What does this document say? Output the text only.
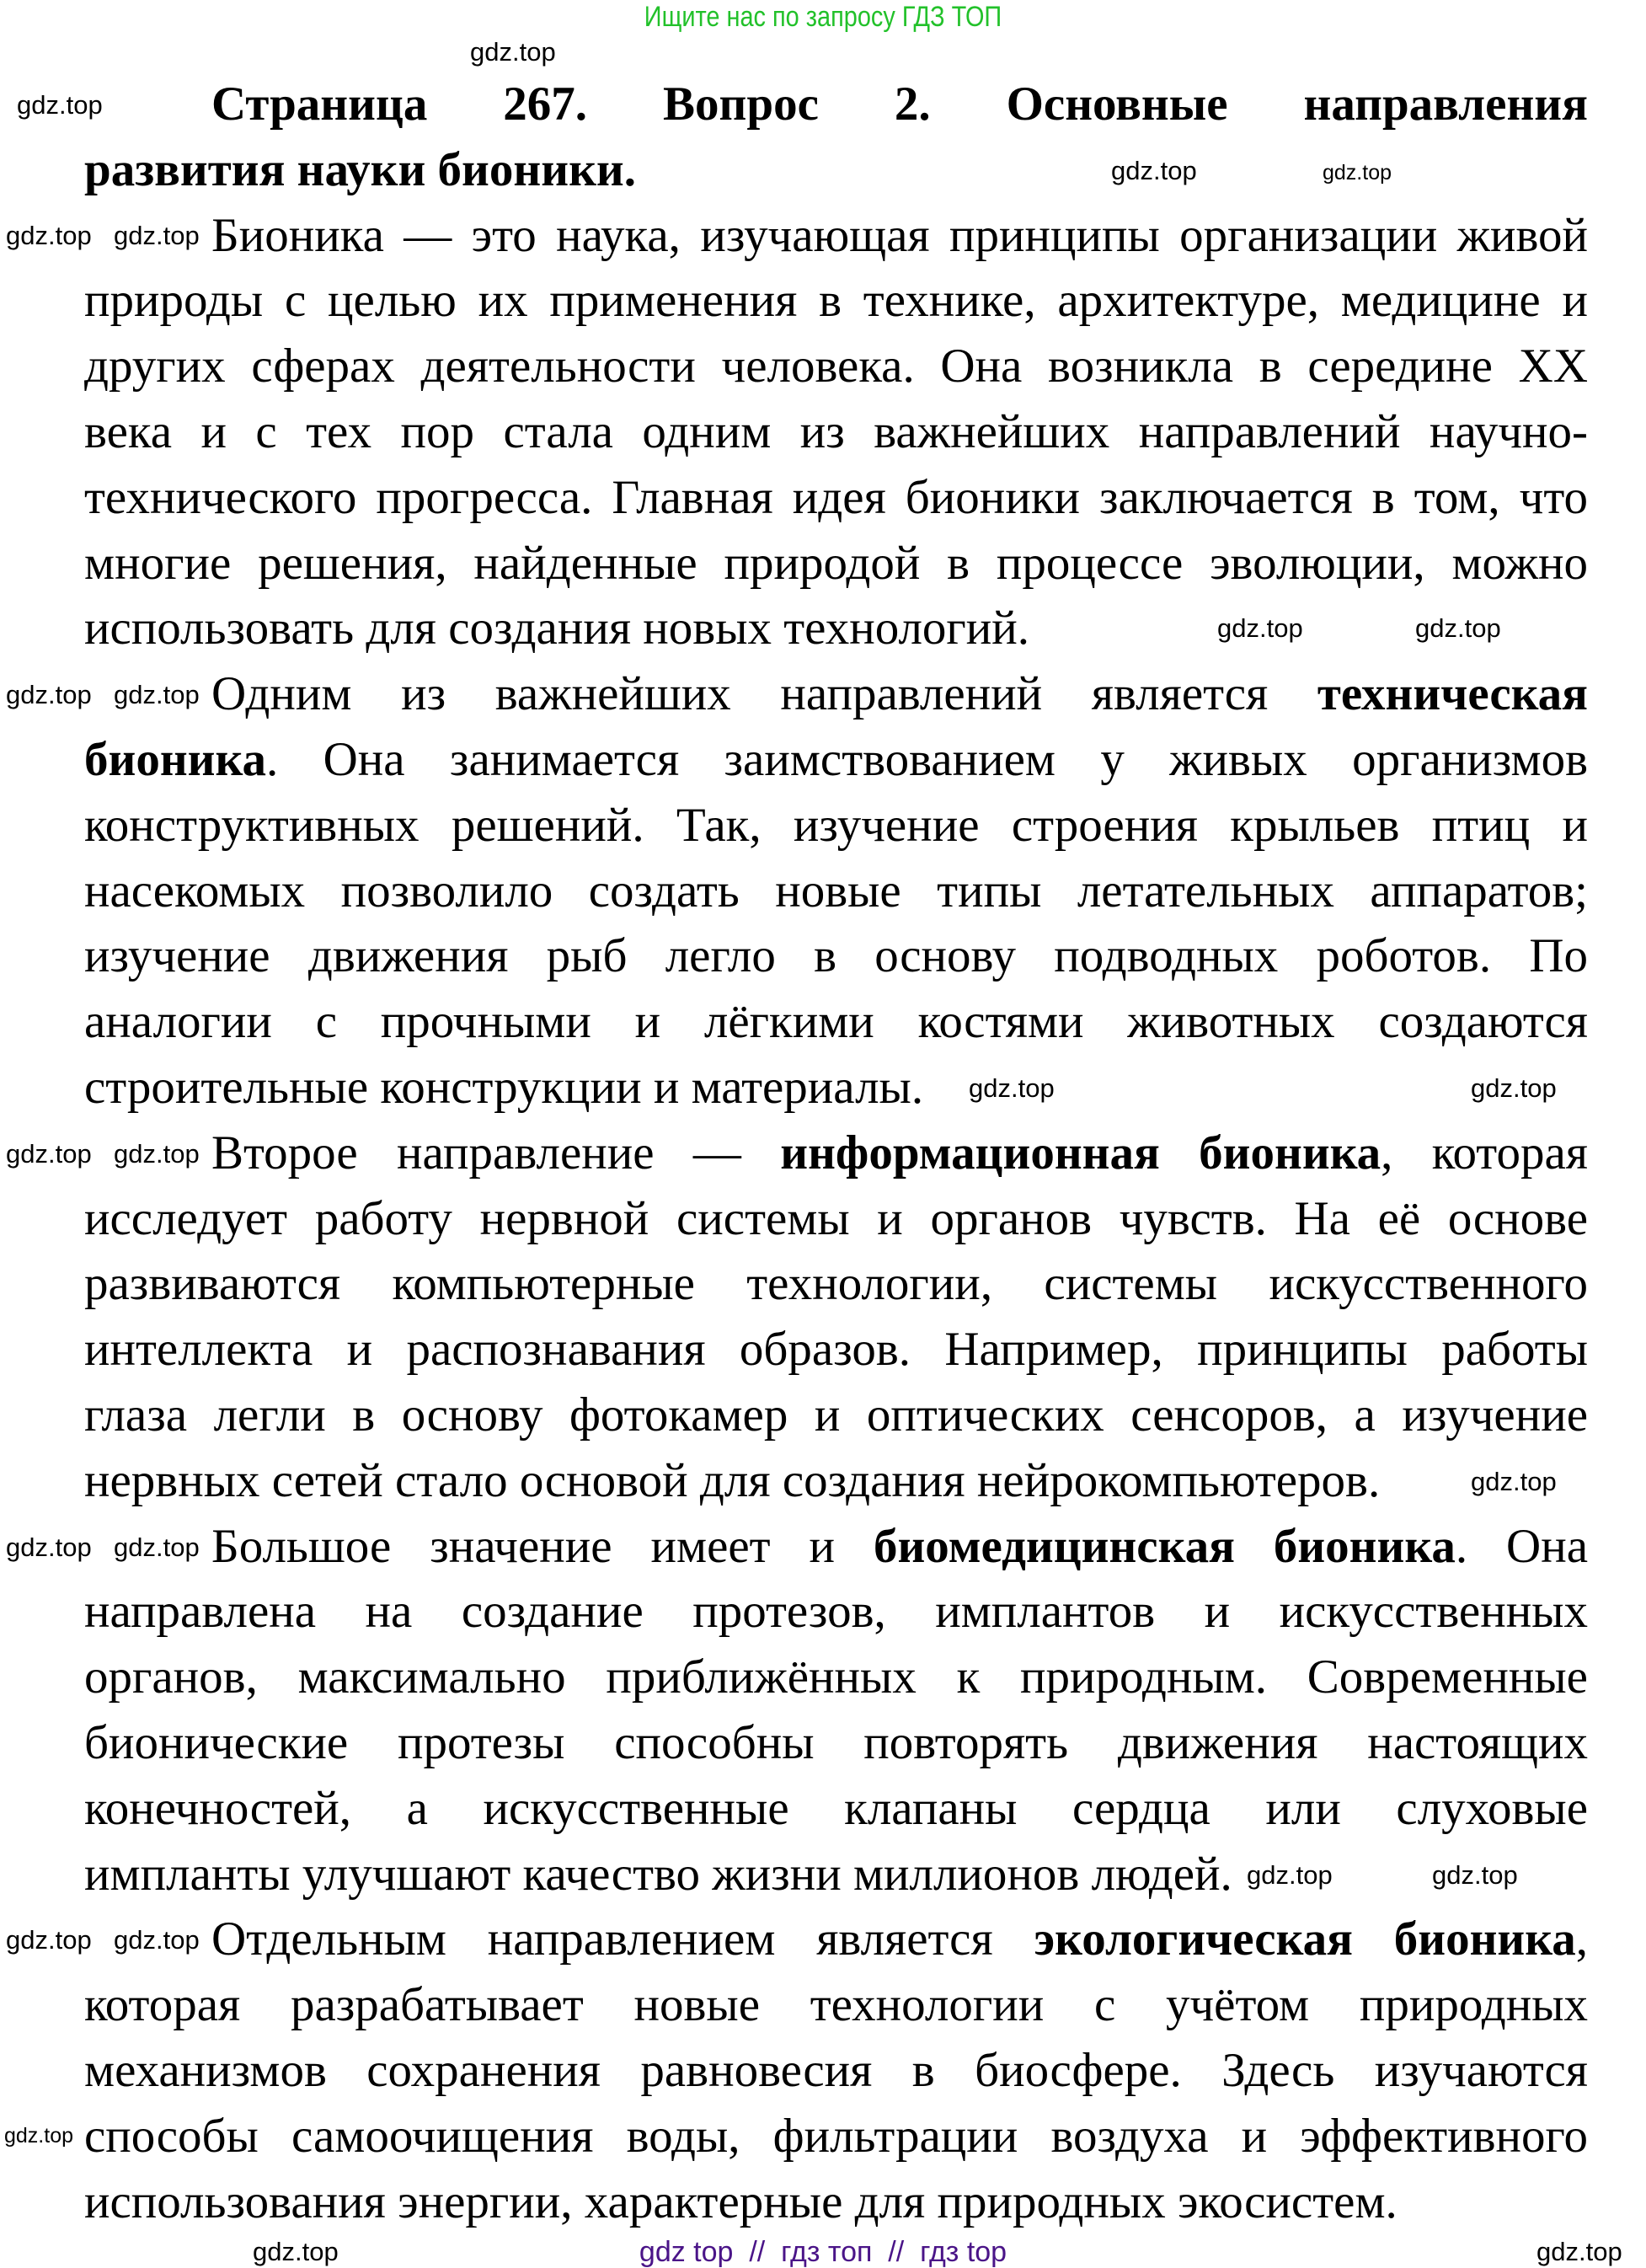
Ищите нас по запросу ГДЗ ТОП
Страница 267. Вопрос 2. Основные направления
развития науки бионики.
Бионика — это наука, изучающая принципы организации живой
природы с целью их применения в технике, архитектуре, медицине и
других сферах деятельности человека. Она возникла в середине XX
века и с тех пор стала одним из важнейших направлений научно-
технического прогресса. Главная идея бионики заключается в том, что
многие решения, найденные природой в процессе эволюции, можно
использовать для создания новых технологий.
Одним из важнейших направлений является техническая
бионика. Она занимается заимствованием у живых организмов
конструктивных решений. Так, изучение строения крыльев птиц и
насекомых позволило создать новые типы летательных аппаратов;
изучение движения рыб легло в основу подводных роботов. По
аналогии с прочными и лёгкими костями животных создаются
строительные конструкции и материалы.
Второе направление — информационная бионика, которая
исследует работу нервной системы и органов чувств. На её основе
развиваются компьютерные технологии, системы искусственного
интеллекта и распознавания образов. Например, принципы работы
глаза легли в основу фотокамер и оптических сенсоров, а изучение
нервных сетей стало основой для создания нейрокомпьютеров.
Большое значение имеет и биомедицинская бионика. Она
направлена на создание протезов, имплантов и искусственных
органов, максимально приближённых к природным. Современные
бионические протезы способны повторять движения настоящих
конечностей, а искусственные клапаны сердца или слуховые
импланты улучшают качество жизни миллионов людей.
Отдельным направлением является экологическая бионика,
которая разрабатывает новые технологии с учётом природных
механизмов сохранения равновесия в биосфере. Здесь изучаются
способы самоочищения воды, фильтрации воздуха и эффективного
использования энергии, характерные для природных экосистем.
gdz top  //  гдз топ  //  гдз top
gdz.top
gdz.top
gdz.top	gdz.top
gdz.top gdz.top
gdz.top	gdz.top
gdz.top gdz.top
gdz.top	gdz.top
gdz.top gdz.top
gdz.top
gdz.top gdz.top
gdz.top	gdz.top
gdz.top gdz.top
gdz.top
gdz.top	gdz.top
